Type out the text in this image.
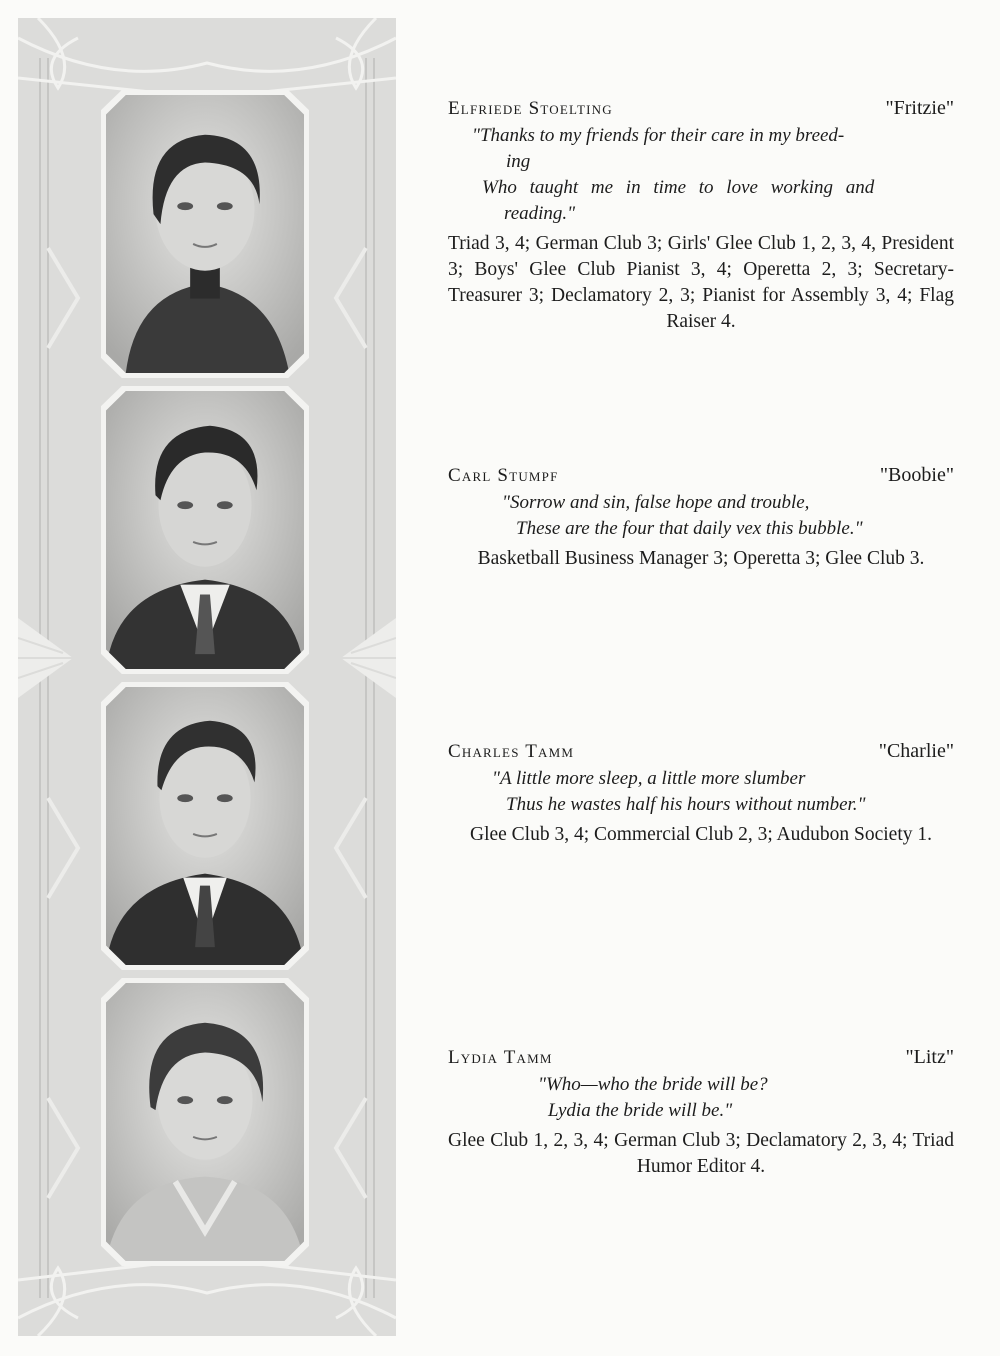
Elfriede Stoelting	"Fritzie"
"Thanks to my friends for their care in my breed-
ing
Who taught me in time to love working and
reading."
Triad 3, 4; German Club 3; Girls' Glee Club 1, 2, 3, 4, President 3; Boys' Glee Club Pianist 3, 4; Operetta 2, 3; Secretary-Treasurer 3; Declamatory 2, 3; Pianist for Assembly 3, 4; Flag Raiser 4.
Carl Stumpf	"Boobie"
"Sorrow and sin, false hope and trouble,
These are the four that daily vex this bubble."
Basketball Business Manager 3; Operetta 3; Glee Club 3.
Charles Tamm	"Charlie"
"A little more sleep, a little more slumber
Thus he wastes half his hours without number."
Glee Club 3, 4; Commercial Club 2, 3; Audubon Society 1.
Lydia Tamm	"Litz"
"Who—who the bride will be?
Lydia the bride will be."
Glee Club 1, 2, 3, 4; German Club 3; Declamatory 2, 3, 4; Triad Humor Editor 4.
